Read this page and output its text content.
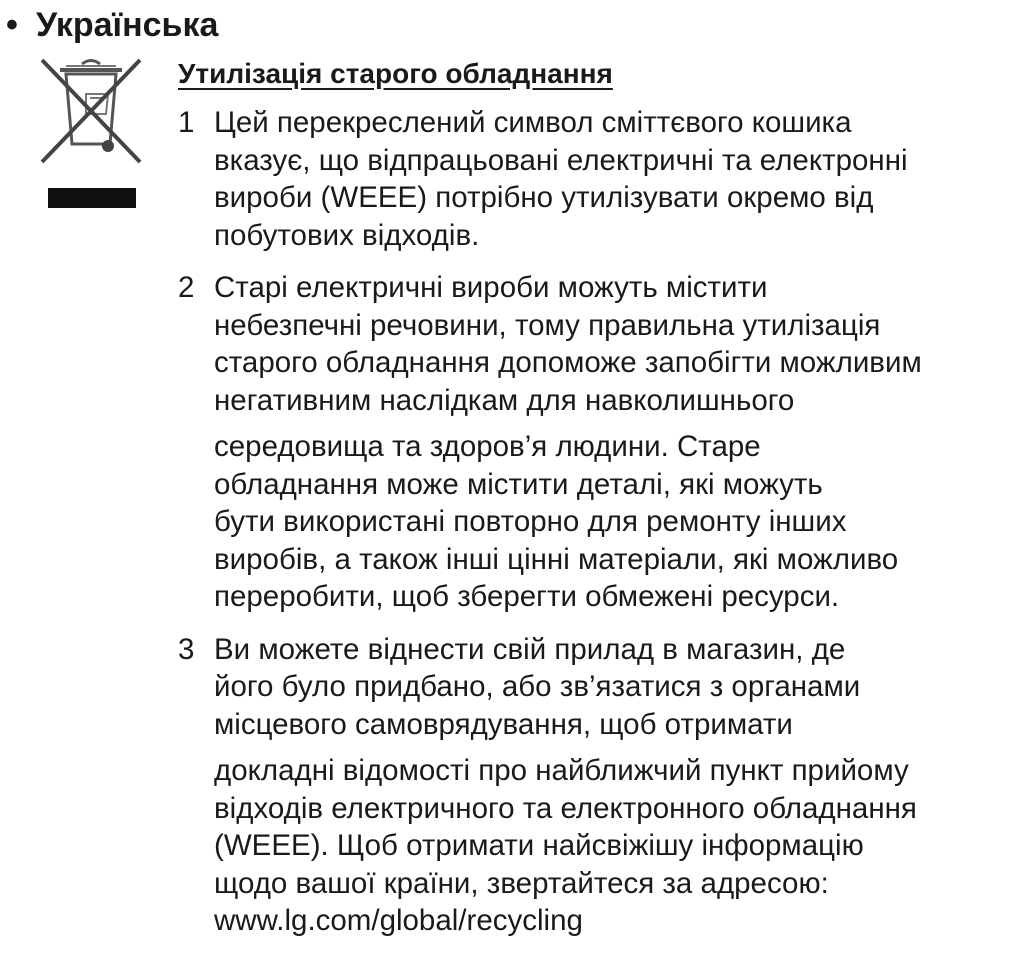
• Українська
Утилізація старого обладнання
1 Цей перекреслений символ сміттєвого кошика
вказує, що відпрацьовані електричні та електронні
вироби (WEEE) потрібно утилізувати окремо від
побутових відходів.
2 Старі електричні вироби можуть містити
небезпечні речовини, тому правильна утилізація
старого обладнання допоможе запобігти можливим
негативним наслідкам для навколишнього
середовища та здоров’я людини. Старе
обладнання може містити деталі, які можуть
бути використані повторно для ремонту інших
виробів, а також інші цінні матеріали, які можливо
переробити, щоб зберегти обмежені ресурси.
3 Ви можете віднести свій прилад в магазин, де
його було придбано, або зв’язатися з органами
місцевого самоврядування, щоб отримати
докладні відомості про найближчий пункт прийому
відходів електричного та електронного обладнання
(WEEE). Щоб отримати найсвіжішу інформацію
щодо вашої країни, звертайтеся за адресою:
www.lg.com/global/recycling
